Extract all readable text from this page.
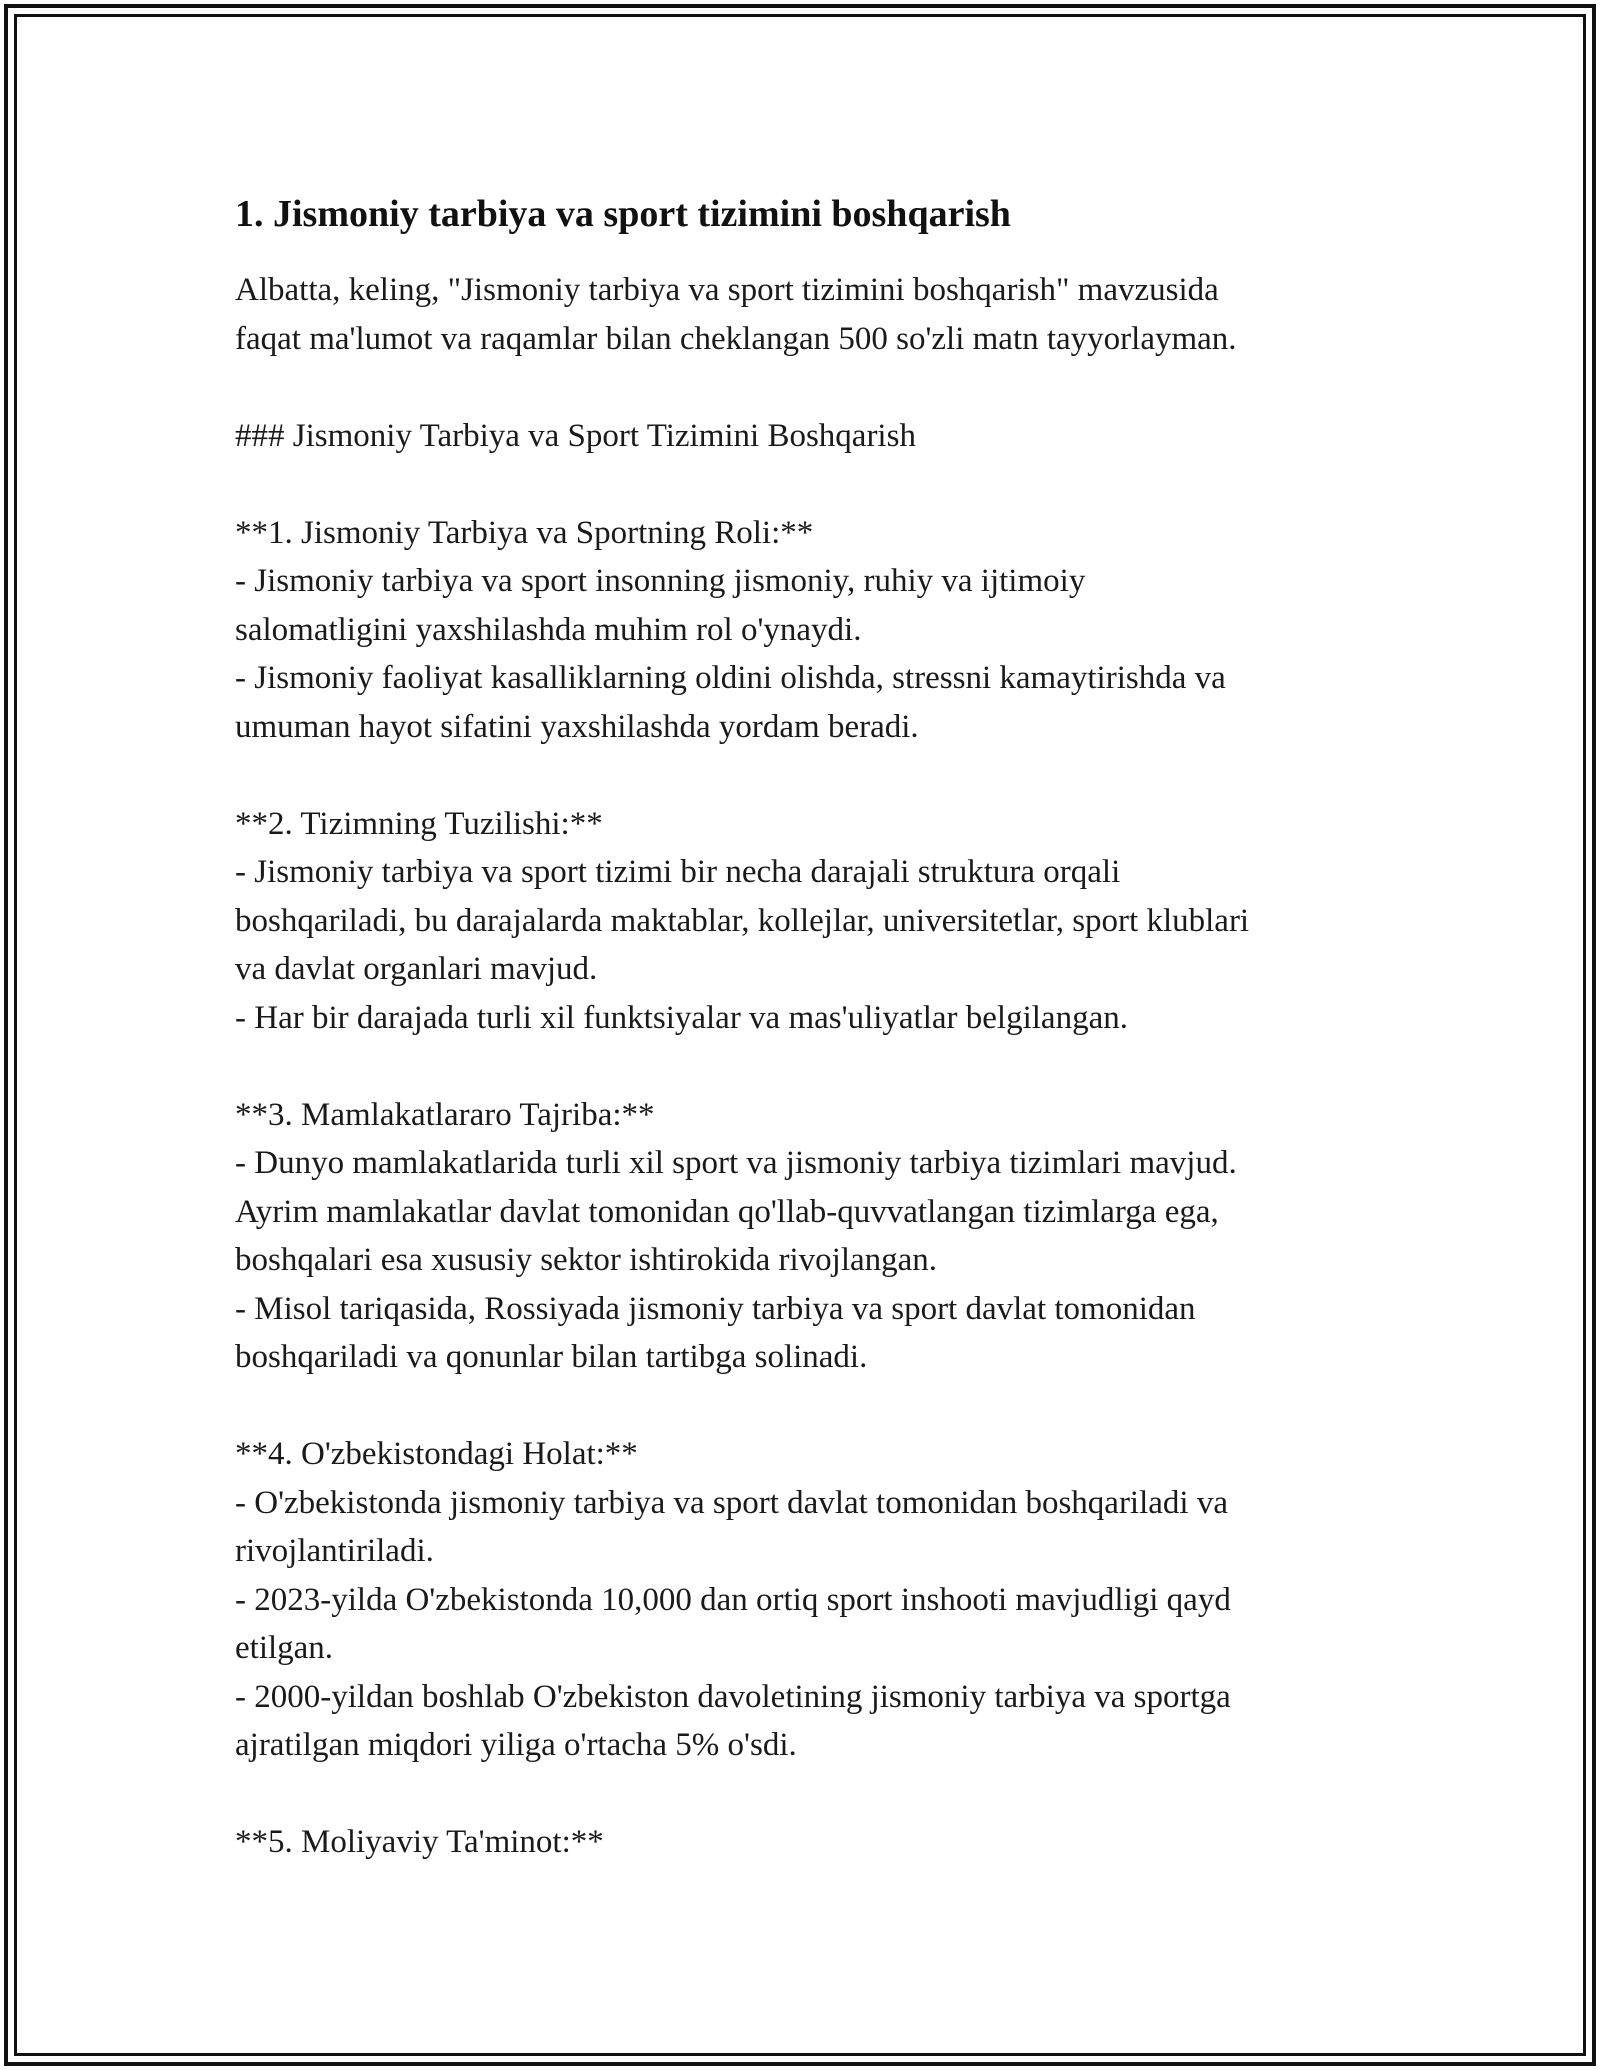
1. Jismoniy tarbiya va sport tizimini boshqarish
Albatta, keling, "Jismoniy tarbiya va sport tizimini boshqarish" mavzusida
faqat ma'lumot va raqamlar bilan cheklangan 500 so'zli matn tayyorlayman.
### Jismoniy Tarbiya va Sport Tizimini Boshqarish
**1. Jismoniy Tarbiya va Sportning Roli:**
- Jismoniy tarbiya va sport insonning jismoniy, ruhiy va ijtimoiy
salomatligini yaxshilashda muhim rol o'ynaydi.
- Jismoniy faoliyat kasalliklarning oldini olishda, stressni kamaytirishda va
umuman hayot sifatini yaxshilashda yordam beradi.
**2. Tizimning Tuzilishi:**
- Jismoniy tarbiya va sport tizimi bir necha darajali struktura orqali
boshqariladi, bu darajalarda maktablar, kollejlar, universitetlar, sport klublari
va davlat organlari mavjud.
- Har bir darajada turli xil funktsiyalar va mas'uliyatlar belgilangan.
**3. Mamlakatlararo Tajriba:**
- Dunyo mamlakatlarida turli xil sport va jismoniy tarbiya tizimlari mavjud.
Ayrim mamlakatlar davlat tomonidan qo'llab-quvvatlangan tizimlarga ega,
boshqalari esa xususiy sektor ishtirokida rivojlangan.
- Misol tariqasida, Rossiyada jismoniy tarbiya va sport davlat tomonidan
boshqariladi va qonunlar bilan tartibga solinadi.
**4. O'zbekistondagi Holat:**
- O'zbekistonda jismoniy tarbiya va sport davlat tomonidan boshqariladi va
rivojlantiriladi.
- 2023-yilda O'zbekistonda 10,000 dan ortiq sport inshooti mavjudligi qayd
etilgan.
- 2000-yildan boshlab O'zbekiston davoletining jismoniy tarbiya va sportga
ajratilgan miqdori yiliga o'rtacha 5% o'sdi.
**5. Moliyaviy Ta'minot:**
